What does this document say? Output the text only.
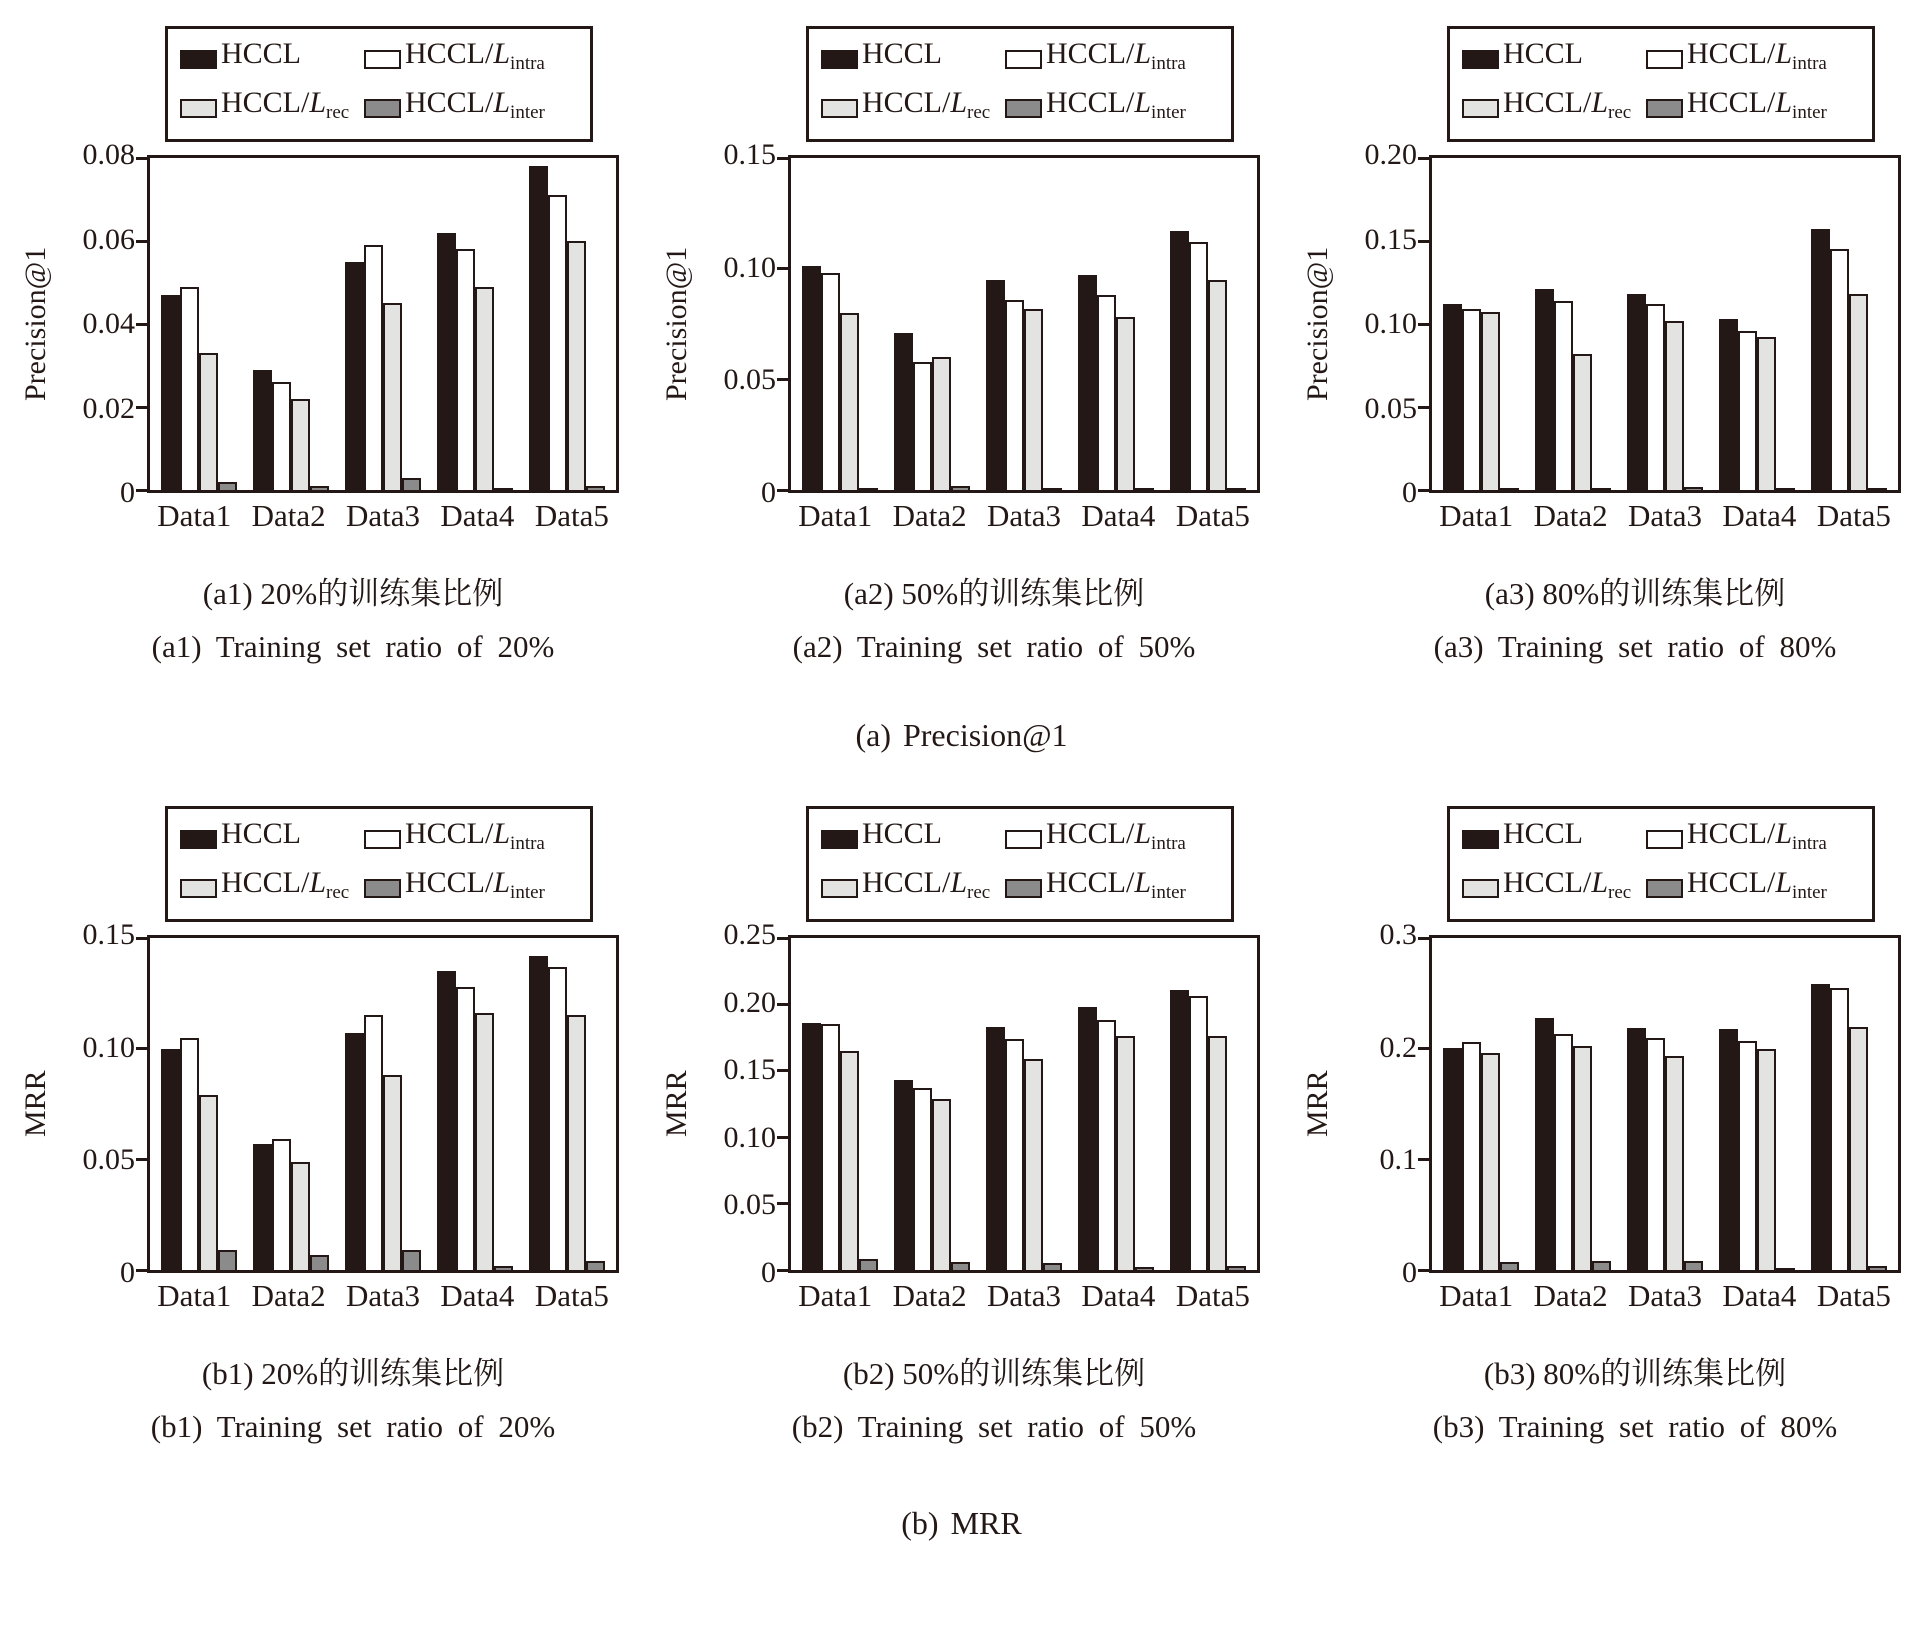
HCCL	HCCL/$L_{intra}$
HCCL/$L_{rec}$ HCCL/$L_{inter}$
Precision@1
0.08
0.06
0.04
0.02
0
Data1 Data2 Data3 Data4 Data5
(a1) 20%的训练集比例
(a1) Training set ratio of 20%
HCCL	HCCL/$L_{intra}$
HCCL/$L_{rec}$ HCCL/$L_{inter}$
Precision@1
0.15
0.10
0.05
0
Data1 Data2 Data3 Data4 Data5
(a2) 50%的训练集比例
(a2) Training set ratio of 50%
HCCL	HCCL/$L_{intra}$
HCCL/$L_{rec}$ HCCL/$L_{inter}$
Precision@1
0.20
0.15
0.10
0.05
0
Data1 Data2 Data3 Data4 Data5
(a3) 80%的训练集比例
(a3) Training set ratio of 80%
(a) Precision@1
HCCL	HCCL/$L_{intra}$
HCCL/$L_{rec}$ HCCL/$L_{inter}$
MRR
0.15
0.10
0.05
0
Data1 Data2 Data3 Data4 Data5
(b1) 20%的训练集比例
(b1) Training set ratio of 20%
HCCL	HCCL/$L_{intra}$
HCCL/$L_{rec}$ HCCL/$L_{inter}$
MRR
0.25
0.20
0.15
0.10
0.05
0
Data1 Data2 Data3 Data4 Data5
(b2) 50%的训练集比例
(b2) Training set ratio of 50%
HCCL	HCCL/$L_{intra}$
HCCL/$L_{rec}$ HCCL/$L_{inter}$
MRR
0.3
0.2
0.1
0
Data1 Data2 Data3 Data4 Data5
(b3) 80%的训练集比例
(b3) Training set ratio of 80%
(b) MRR
